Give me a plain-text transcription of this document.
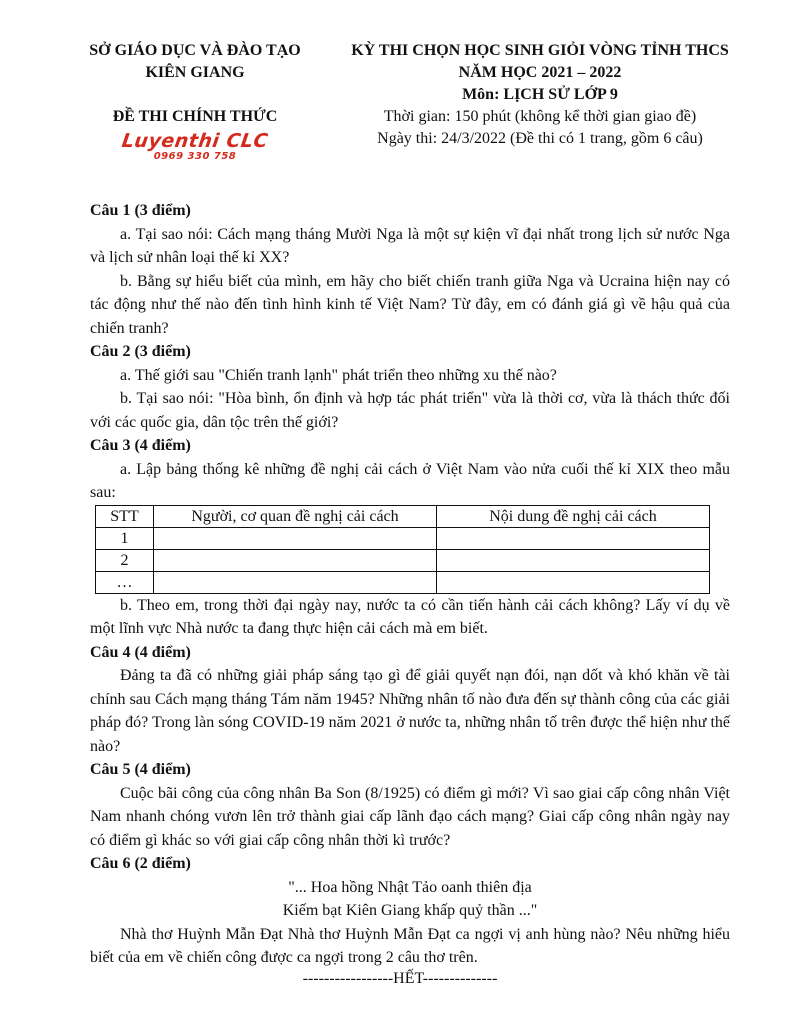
SỞ GIÁO DỤC VÀ ĐÀO TẠO
KIÊN GIANG
ĐỀ THI CHÍNH THỨC
Luyenthi CLC
0969 330 758
KỲ THI CHỌN HỌC SINH GIỎI VÒNG TỈNH THCS
NĂM HỌC 2021 – 2022
Môn: LỊCH SỬ LỚP 9
Thời gian: 150 phút (không kể thời gian giao đề)
Ngày thi: 24/3/2022 (Đề thi có 1 trang, gồm 6 câu)

Câu 1 (3 điểm)

a. Tại sao nói: Cách mạng tháng Mười Nga là một sự kiện vĩ đại nhất trong lịch sử nước Nga và lịch sử nhân loại thế kỉ XX?

b. Bằng sự hiểu biết của mình, em hãy cho biết chiến tranh giữa Nga và Ucraina hiện nay có tác động như thế nào đến tình hình kinh tế Việt Nam? Từ đây, em có đánh giá gì về hậu quả của chiến tranh?

Câu 2 (3 điểm)

a. Thế giới sau "Chiến tranh lạnh" phát triển theo những xu thế nào?

b. Tại sao nói: "Hòa bình, ổn định và hợp tác phát triển" vừa là thời cơ, vừa là thách thức đối với các quốc gia, dân tộc trên thế giới?

Câu 3 (4 điểm)

a. Lập bảng thống kê những đề nghị cải cách ở Việt Nam vào nửa cuối thế kỉ XIX theo mẫu sau:

STT	Người, cơ quan đề nghị cải cách	Nội dung đề nghị cải cách
1		
2		
…		

b. Theo em, trong thời đại ngày nay, nước ta có cần tiến hành cải cách không? Lấy ví dụ về một lĩnh vực Nhà nước ta đang thực hiện cải cách mà em biết.

Câu 4 (4 điểm)

Đảng ta đã có những giải pháp sáng tạo gì để giải quyết nạn đói, nạn dốt và khó khăn về tài chính sau Cách mạng tháng Tám năm 1945? Những nhân tố nào đưa đến sự thành công của các giải pháp đó? Trong làn sóng COVID-19 năm 2021 ở nước ta, những nhân tố trên được thể hiện như thế nào?

Câu 5 (4 điểm)

Cuộc bãi công của công nhân Ba Son (8/1925) có điểm gì mới? Vì sao giai cấp công nhân Việt Nam nhanh chóng vươn lên trở thành giai cấp lãnh đạo cách mạng? Giai cấp công nhân ngày nay có điểm gì khác so với giai cấp công nhân thời kì trước?

Câu 6 (2 điểm)

"... Hoa hồng Nhật Tảo oanh thiên địa

Kiếm bạt Kiên Giang khấp quỷ thần ..."

Nhà thơ Huỳnh Mẫn Đạt Nhà thơ Huỳnh Mẫn Đạt ca ngợi vị anh hùng nào? Nêu những hiểu biết của em về chiến công được ca ngợi trong 2 câu thơ trên.

-----------------HẾT--------------
